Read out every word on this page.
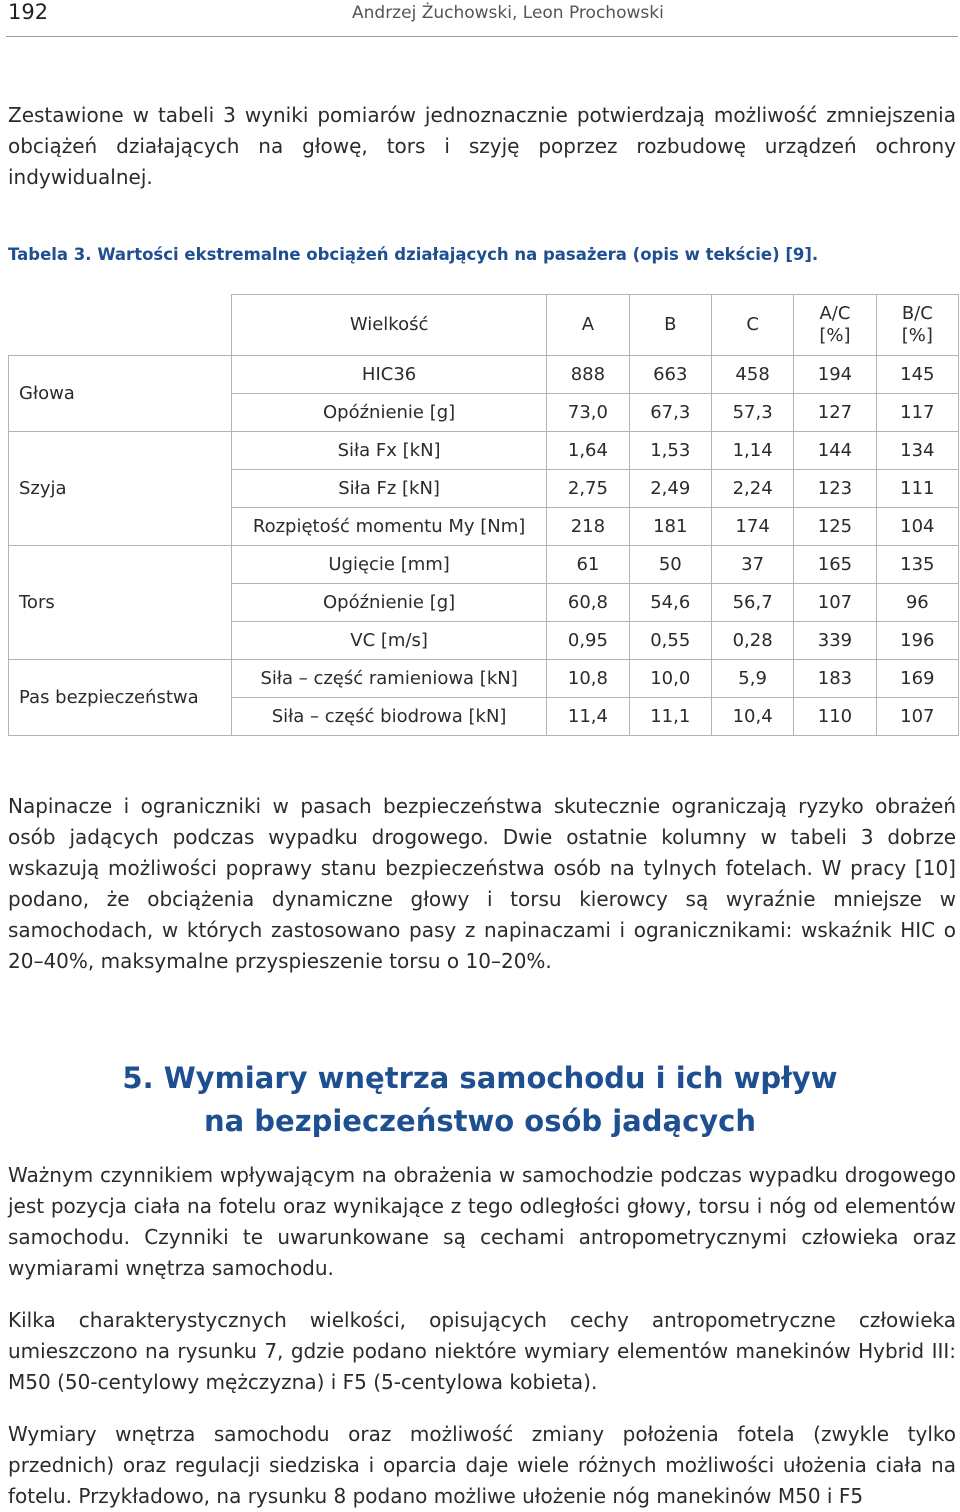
192	Andrzej Żuchowski, Leon Prochowski

Zestawione w tabeli 3 wyniki pomiarów jednoznacznie potwierdzają możliwość zmniejszenia obciążeń działających na głowę, tors i szyję poprzez rozbudowę urządzeń ochrony indywidualnej.

Tabela 3. Wartości ekstremalne obciążeń działających na pasażera (opis w tekście) [9].
	Wielkość	A	B	C	A/C [%]	B/C [%]
Głowa	HIC36	888	663	458	194	145
	Opóźnienie [g]	73,0	67,3	57,3	127	117
Szyja	Siła Fx [kN]	1,64	1,53	1,14	144	134
	Siła Fz [kN]	2,75	2,49	2,24	123	111
	Rozpiętość momentu My [Nm]	218	181	174	125	104
Tors	Ugięcie [mm]	61	50	37	165	135
	Opóźnienie [g]	60,8	54,6	56,7	107	96
	VC [m/s]	0,95	0,55	0,28	339	196
Pas bezpieczeństwa	Siła – część ramieniowa [kN]	10,8	10,0	5,9	183	169
	Siła – część biodrowa [kN]	11,4	11,1	10,4	110	107

Napinacze i ograniczniki w pasach bezpieczeństwa skutecznie ograniczają ryzyko obrażeń osób jadących podczas wypadku drogowego. Dwie ostatnie kolumny w tabeli 3 dobrze wskazują możliwości poprawy stanu bezpieczeństwa osób na tylnych fotelach. W pracy [10] podano, że obciążenia dynamiczne głowy i torsu kierowcy są wyraźnie mniejsze w samochodach, w których zastosowano pasy z napinaczami i ogranicznikami: wskaźnik HIC o 20–40%, maksymalne przyspieszenie torsu o 10–20%.

5. Wymiary wnętrza samochodu i ich wpływ
na bezpieczeństwo osób jadących

Ważnym czynnikiem wpływającym na obrażenia w samochodzie podczas wypadku drogowego jest pozycja ciała na fotelu oraz wynikające z tego odległości głowy, torsu i nóg od elementów samochodu. Czynniki te uwarunkowane są cechami antropometrycznymi człowieka oraz wymiarami wnętrza samochodu.

Kilka charakterystycznych wielkości, opisujących cechy antropometryczne człowieka umieszczono na rysunku 7, gdzie podano niektóre wymiary elementów manekinów Hybrid III: M50 (50-centylowy mężczyzna) i F5 (5-centylowa kobieta).

Wymiary wnętrza samochodu oraz możliwość zmiany położenia fotela (zwykle tylko przednich) oraz regulacji siedziska i oparcia daje wiele różnych możliwości ułożenia ciała na fotelu. Przykładowo, na rysunku 8 podano możliwe ułożenie nóg manekinów M50 i F5
